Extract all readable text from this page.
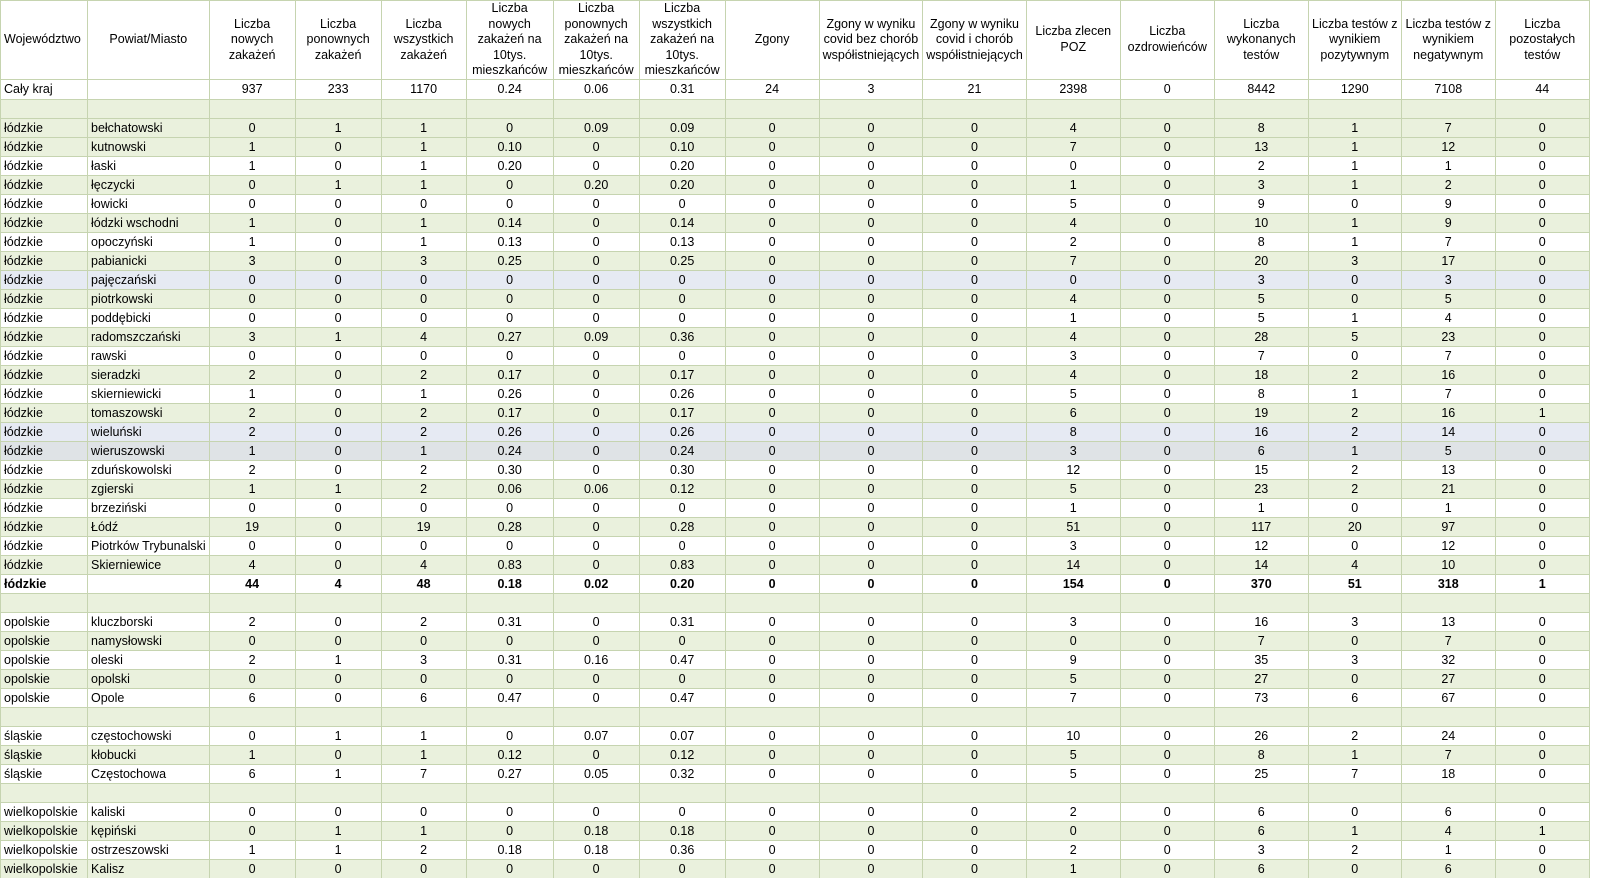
Województwo	Powiat/Miasto	Liczba nowych zakażeń	Liczba ponownych zakażeń	Liczba wszystkich zakażeń	Liczba nowych zakażeń na 10tys. mieszkańców	Liczba ponownych zakażeń na 10tys. mieszkańców	Liczba wszystkich zakażeń na 10tys. mieszkańców	Zgony	Zgony w wyniku covid bez chorób współistniejących	Zgony w wyniku covid i chorób współistniejących	Liczba zlecen POZ	Liczba ozdrowieńców	Liczba wykonanych testów	Liczba testów z wynikiem pozytywnym	Liczba testów z wynikiem negatywnym	Liczba pozostałych testów
Cały kraj		937	233	1170	0.24	0.06	0.31	24	3	21	2398	0	8442	1290	7108	44

łódzkie	bełchatowski	0	1	1	0	0.09	0.09	0	0	0	4	0	8	1	7	0
łódzkie	kutnowski	1	0	1	0.10	0	0.10	0	0	0	7	0	13	1	12	0
łódzkie	łaski	1	0	1	0.20	0	0.20	0	0	0	0	0	2	1	1	0
łódzkie	łęczycki	0	1	1	0	0.20	0.20	0	0	0	1	0	3	1	2	0
łódzkie	łowicki	0	0	0	0	0	0	0	0	0	5	0	9	0	9	0
łódzkie	łódzki wschodni	1	0	1	0.14	0	0.14	0	0	0	4	0	10	1	9	0
łódzkie	opoczyński	1	0	1	0.13	0	0.13	0	0	0	2	0	8	1	7	0
łódzkie	pabianicki	3	0	3	0.25	0	0.25	0	0	0	7	0	20	3	17	0
łódzkie	pajęczański	0	0	0	0	0	0	0	0	0	0	0	3	0	3	0
łódzkie	piotrkowski	0	0	0	0	0	0	0	0	0	4	0	5	0	5	0
łódzkie	poddębicki	0	0	0	0	0	0	0	0	0	1	0	5	1	4	0
łódzkie	radomszczański	3	1	4	0.27	0.09	0.36	0	0	0	4	0	28	5	23	0
łódzkie	rawski	0	0	0	0	0	0	0	0	0	3	0	7	0	7	0
łódzkie	sieradzki	2	0	2	0.17	0	0.17	0	0	0	4	0	18	2	16	0
łódzkie	skierniewicki	1	0	1	0.26	0	0.26	0	0	0	5	0	8	1	7	0
łódzkie	tomaszowski	2	0	2	0.17	0	0.17	0	0	0	6	0	19	2	16	1
łódzkie	wieluński	2	0	2	0.26	0	0.26	0	0	0	8	0	16	2	14	0
łódzkie	wieruszowski	1	0	1	0.24	0	0.24	0	0	0	3	0	6	1	5	0
łódzkie	zduńskowolski	2	0	2	0.30	0	0.30	0	0	0	12	0	15	2	13	0
łódzkie	zgierski	1	1	2	0.06	0.06	0.12	0	0	0	5	0	23	2	21	0
łódzkie	brzeziński	0	0	0	0	0	0	0	0	0	1	0	1	0	1	0
łódzkie	Łódź	19	0	19	0.28	0	0.28	0	0	0	51	0	117	20	97	0
łódzkie	Piotrków Trybunalski	0	0	0	0	0	0	0	0	0	3	0	12	0	12	0
łódzkie	Skierniewice	4	0	4	0.83	0	0.83	0	0	0	14	0	14	4	10	0
łódzkie		44	4	48	0.18	0.02	0.20	0	0	0	154	0	370	51	318	1

opolskie	kluczborski	2	0	2	0.31	0	0.31	0	0	0	3	0	16	3	13	0
opolskie	namysłowski	0	0	0	0	0	0	0	0	0	0	0	7	0	7	0
opolskie	oleski	2	1	3	0.31	0.16	0.47	0	0	0	9	0	35	3	32	0
opolskie	opolski	0	0	0	0	0	0	0	0	0	5	0	27	0	27	0
opolskie	Opole	6	0	6	0.47	0	0.47	0	0	0	7	0	73	6	67	0

śląskie	częstochowski	0	1	1	0	0.07	0.07	0	0	0	10	0	26	2	24	0
śląskie	kłobucki	1	0	1	0.12	0	0.12	0	0	0	5	0	8	1	7	0
śląskie	Częstochowa	6	1	7	0.27	0.05	0.32	0	0	0	5	0	25	7	18	0

wielkopolskie	kaliski	0	0	0	0	0	0	0	0	0	2	0	6	0	6	0
wielkopolskie	kępiński	0	1	1	0	0.18	0.18	0	0	0	0	0	6	1	4	1
wielkopolskie	ostrzeszowski	1	1	2	0.18	0.18	0.36	0	0	0	2	0	3	2	1	0
wielkopolskie	Kalisz	0	0	0	0	0	0	0	0	0	1	0	6	0	6	0
